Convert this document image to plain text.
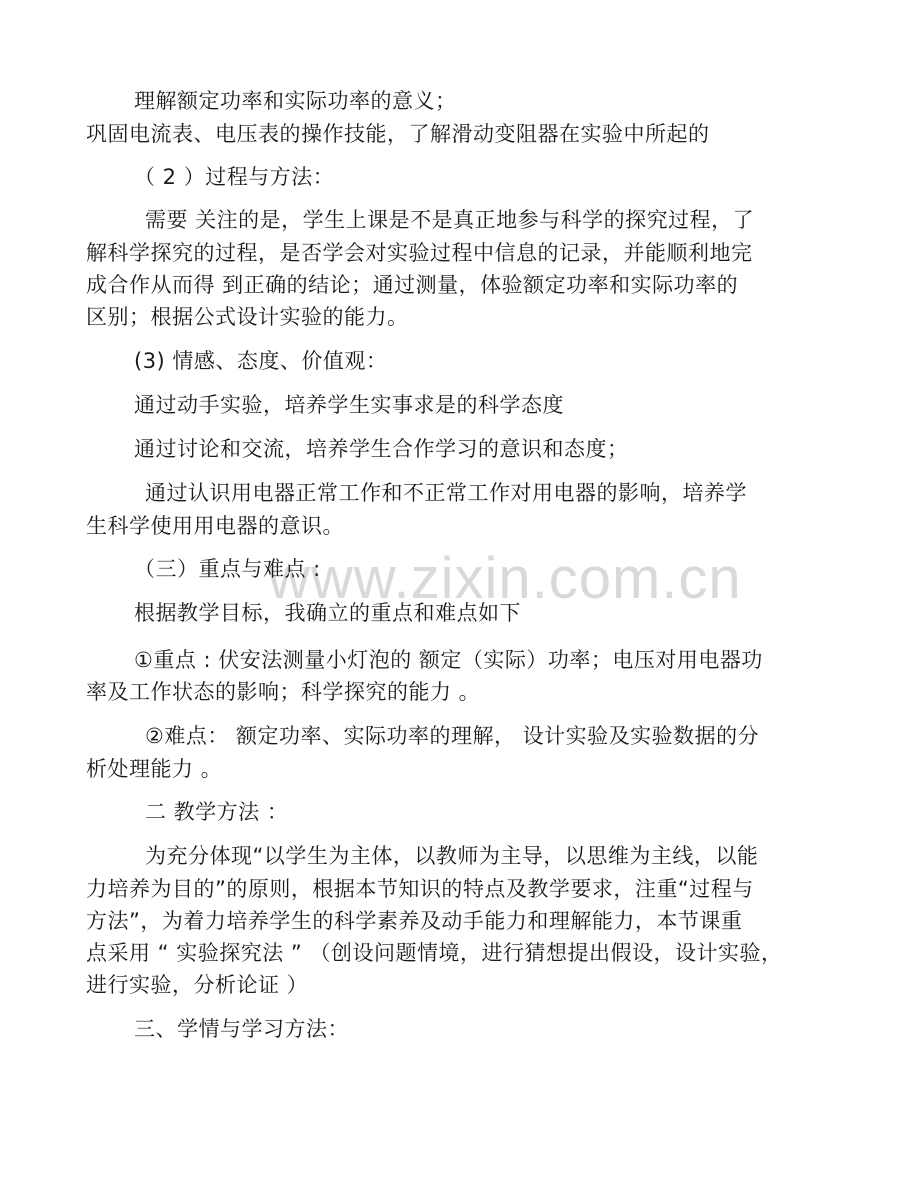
www.zixin.com.cn
理解额定功率和实际功率的意义；
巩固电流表、电压表的操作技能，了解滑动变阻器在实验中所起的
（ 2 ）过程与方法：
需要 关注的是，学生上课是不是真正地参与科学的探究过程，了
解科学探究的过程，是否学会对实验过程中信息的记录，并能顺利地完
成合作从而得 到正确的结论；通过测量，体验额定功率和实际功率的
区别；根据公式设计实验的能力。
(3) 情感、态度、价值观：
通过动手实验，培养学生实事求是的科学态度
通过讨论和交流，培养学生合作学习的意识和态度；
通过认识用电器正常工作和不正常工作对用电器的影响，培养学
生科学使用用电器的意识。
（三）重点与难点 :
根据教学目标，我确立的重点和难点如下
①重点 : 伏安法测量小灯泡的 额定（实际）功率；电压对用电器功
率及工作状态的影响；科学探究的能力 。
②难点： 额定功率、实际功率的理解， 设计实验及实验数据的分
析处理能力 。
二 教学方法 ：
为充分体现“以学生为主体，以教师为主导，以思维为主线，以能
力培养为目的”的原则，根据本节知识的特点及教学要求，注重“过程与
方法”，为着力培养学生的科学素养及动手能力和理解能力，本节课重
点采用 “ 实验探究法 ” （创设问题情境，进行猜想提出假设，设计实验，
进行实验，分析论证 ）
三、学情与学习方法：
